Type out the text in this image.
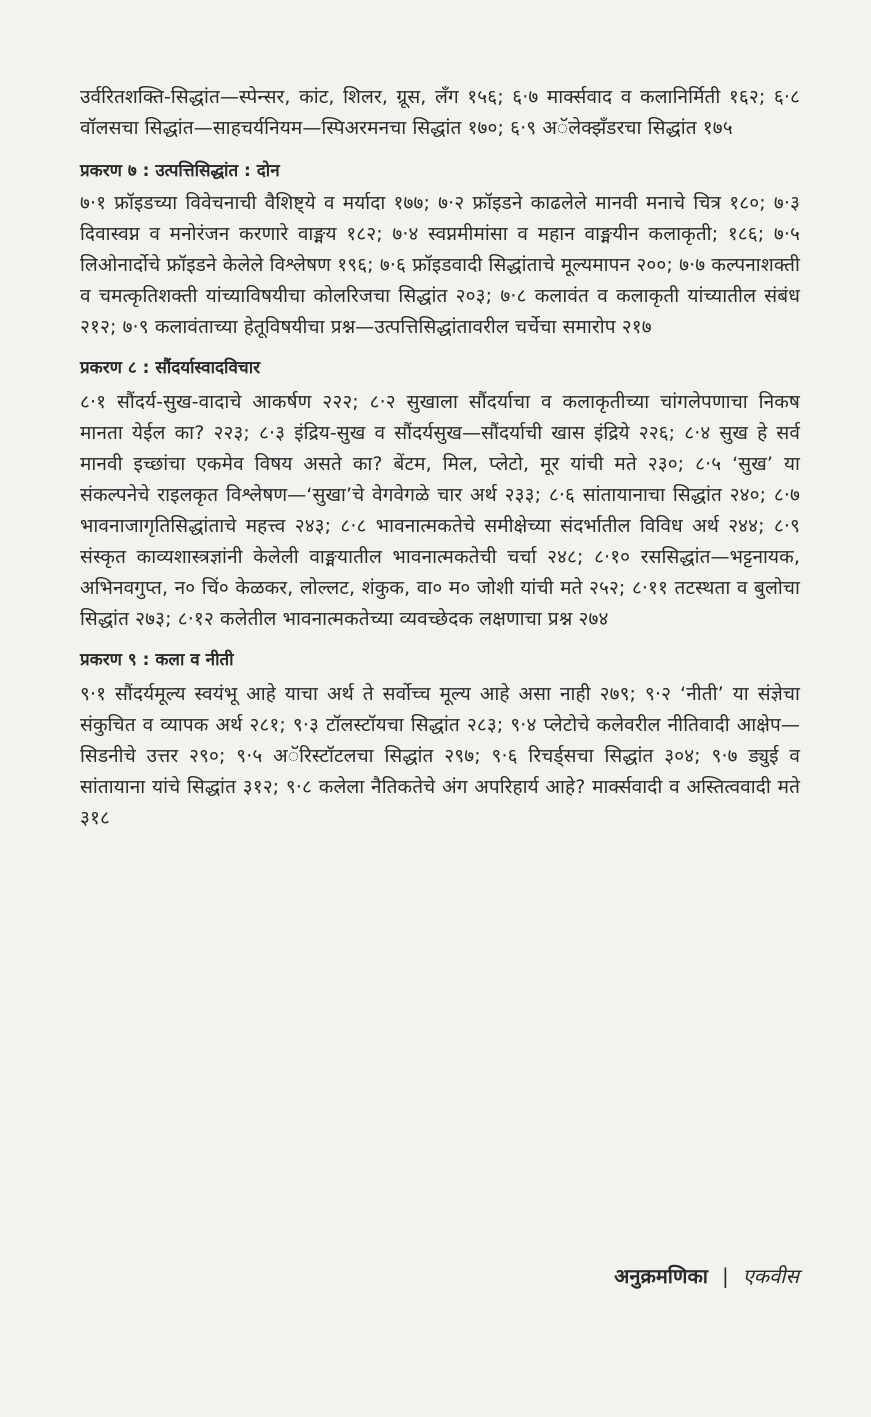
उर्वरितशक्ति-सिद्धांत—स्पेन्सर, कांट, शिलर, ग्रूस, लँग १५६; ६·७ मार्क्सवाद व कलानिर्मिती १६२; ६·८ वॉलसचा सिद्धांत—साहचर्यनियम—स्पिअरमनचा सिद्धांत १७०; ६·९ अॅलेक्झँडरचा सिद्धांत १७५

प्रकरण ७ : उत्पत्तिसिद्धांत : दोन

७·१ फ्रॉइडच्या विवेचनाची वैशिष्ट्ये व मर्यादा १७७; ७·२ फ्रॉइडने काढलेले मानवी मनाचे चित्र १८०; ७·३ दिवास्वप्न व मनोरंजन करणारे वाङ्मय १८२; ७·४ स्वप्नमीमांसा व महान वाङ्मयीन कलाकृती; १८६; ७·५ लिओनार्दोचे फ्रॉइडने केलेले विश्लेषण १९६; ७·६ फ्रॉइडवादी सिद्धांताचे मूल्यमापन २००; ७·७ कल्पनाशक्ती व चमत्कृतिशक्ती यांच्याविषयीचा कोलरिजचा सिद्धांत २०३; ७·८ कलावंत व कलाकृती यांच्यातील संबंध २१२; ७·९ कलावंताच्या हेतूविषयीचा प्रश्न—उत्पत्तिसिद्धांतावरील चर्चेचा समारोप २१७

प्रकरण ८ : सौंदर्यास्वादविचार

८·१ सौंदर्य-सुख-वादाचे आकर्षण २२२; ८·२ सुखाला सौंदर्याचा व कलाकृतीच्या चांगलेपणाचा निकष मानता येईल का? २२३; ८·३ इंद्रिय-सुख व सौंदर्यसुख—सौंदर्याची खास इंद्रिये २२६; ८·४ सुख हे सर्व मानवी इच्छांचा एकमेव विषय असते का? बेंटम, मिल, प्लेटो, मूर यांची मते २३०; ८·५ ‘सुख’ या संकल्पनेचे राइलकृत विश्लेषण—‘सुखा’चे वेगवेगळे चार अर्थ २३३; ८·६ सांतायानाचा सिद्धांत २४०; ८·७ भावनाजागृतिसिद्धांताचे महत्त्व २४३; ८·८ भावनात्मकतेचे समीक्षेच्या संदर्भातील विविध अर्थ २४४; ८·९ संस्कृत काव्यशास्त्रज्ञांनी केलेली वाङ्मयातील भावनात्मकतेची चर्चा २४८; ८·१० रससिद्धांत—भट्टनायक, अभिनवगुप्त, न० चिं० केळकर, लोल्लट, शंकुक, वा० म० जोशी यांची मते २५२; ८·११ तटस्थता व बुलोचा सिद्धांत २७३; ८·१२ कलेतील भावनात्मकतेच्या व्यवच्छेदक लक्षणाचा प्रश्न २७४

प्रकरण ९ : कला व नीती

९·१ सौंदर्यमूल्य स्वयंभू आहे याचा अर्थ ते सर्वोच्च मूल्य आहे असा नाही २७९; ९·२ ‘नीती’ या संज्ञेचा संकुचित व व्यापक अर्थ २८१; ९·३ टॉलस्टॉयचा सिद्धांत २८३; ९·४ प्लेटोचे कलेवरील नीतिवादी आक्षेप—सिडनीचे उत्तर २९०; ९·५ अॅरिस्टॉटलचा सिद्धांत २९७; ९·६ रिचर्ड्सचा सिद्धांत ३०४; ९·७ ड्युई व सांतायाना यांचे सिद्धांत ३१२; ९·८ कलेला नैतिकतेचे अंग अपरिहार्य आहे? मार्क्सवादी व अस्तित्ववादी मते ३१८

अनुक्रमणिका | एकवीस
